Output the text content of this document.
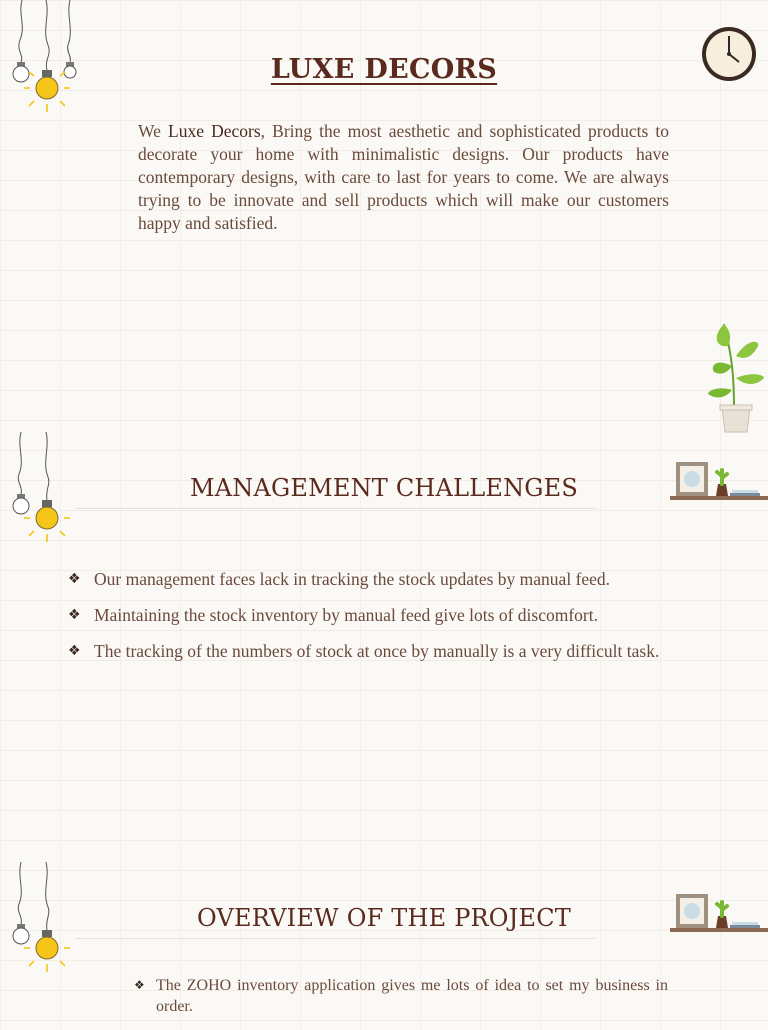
LUXE DECORS
We Luxe Decors, Bring the most aesthetic and sophisticated products to decorate your home with minimalistic designs. Our products have contemporary designs, with care to last for years to come. We are always trying to be innovate and sell products which will make our customers happy and satisfied.
MANAGEMENT CHALLENGES
❖ Our management faces lack in tracking the stock updates by manual feed.
❖ Maintaining the stock inventory by manual feed give lots of discomfort.
❖ The tracking of the numbers of stock at once by manually is a very difficult task.
OVERVIEW OF THE PROJECT
❖ The ZOHO inventory application gives me lots of idea to set my business in order.
